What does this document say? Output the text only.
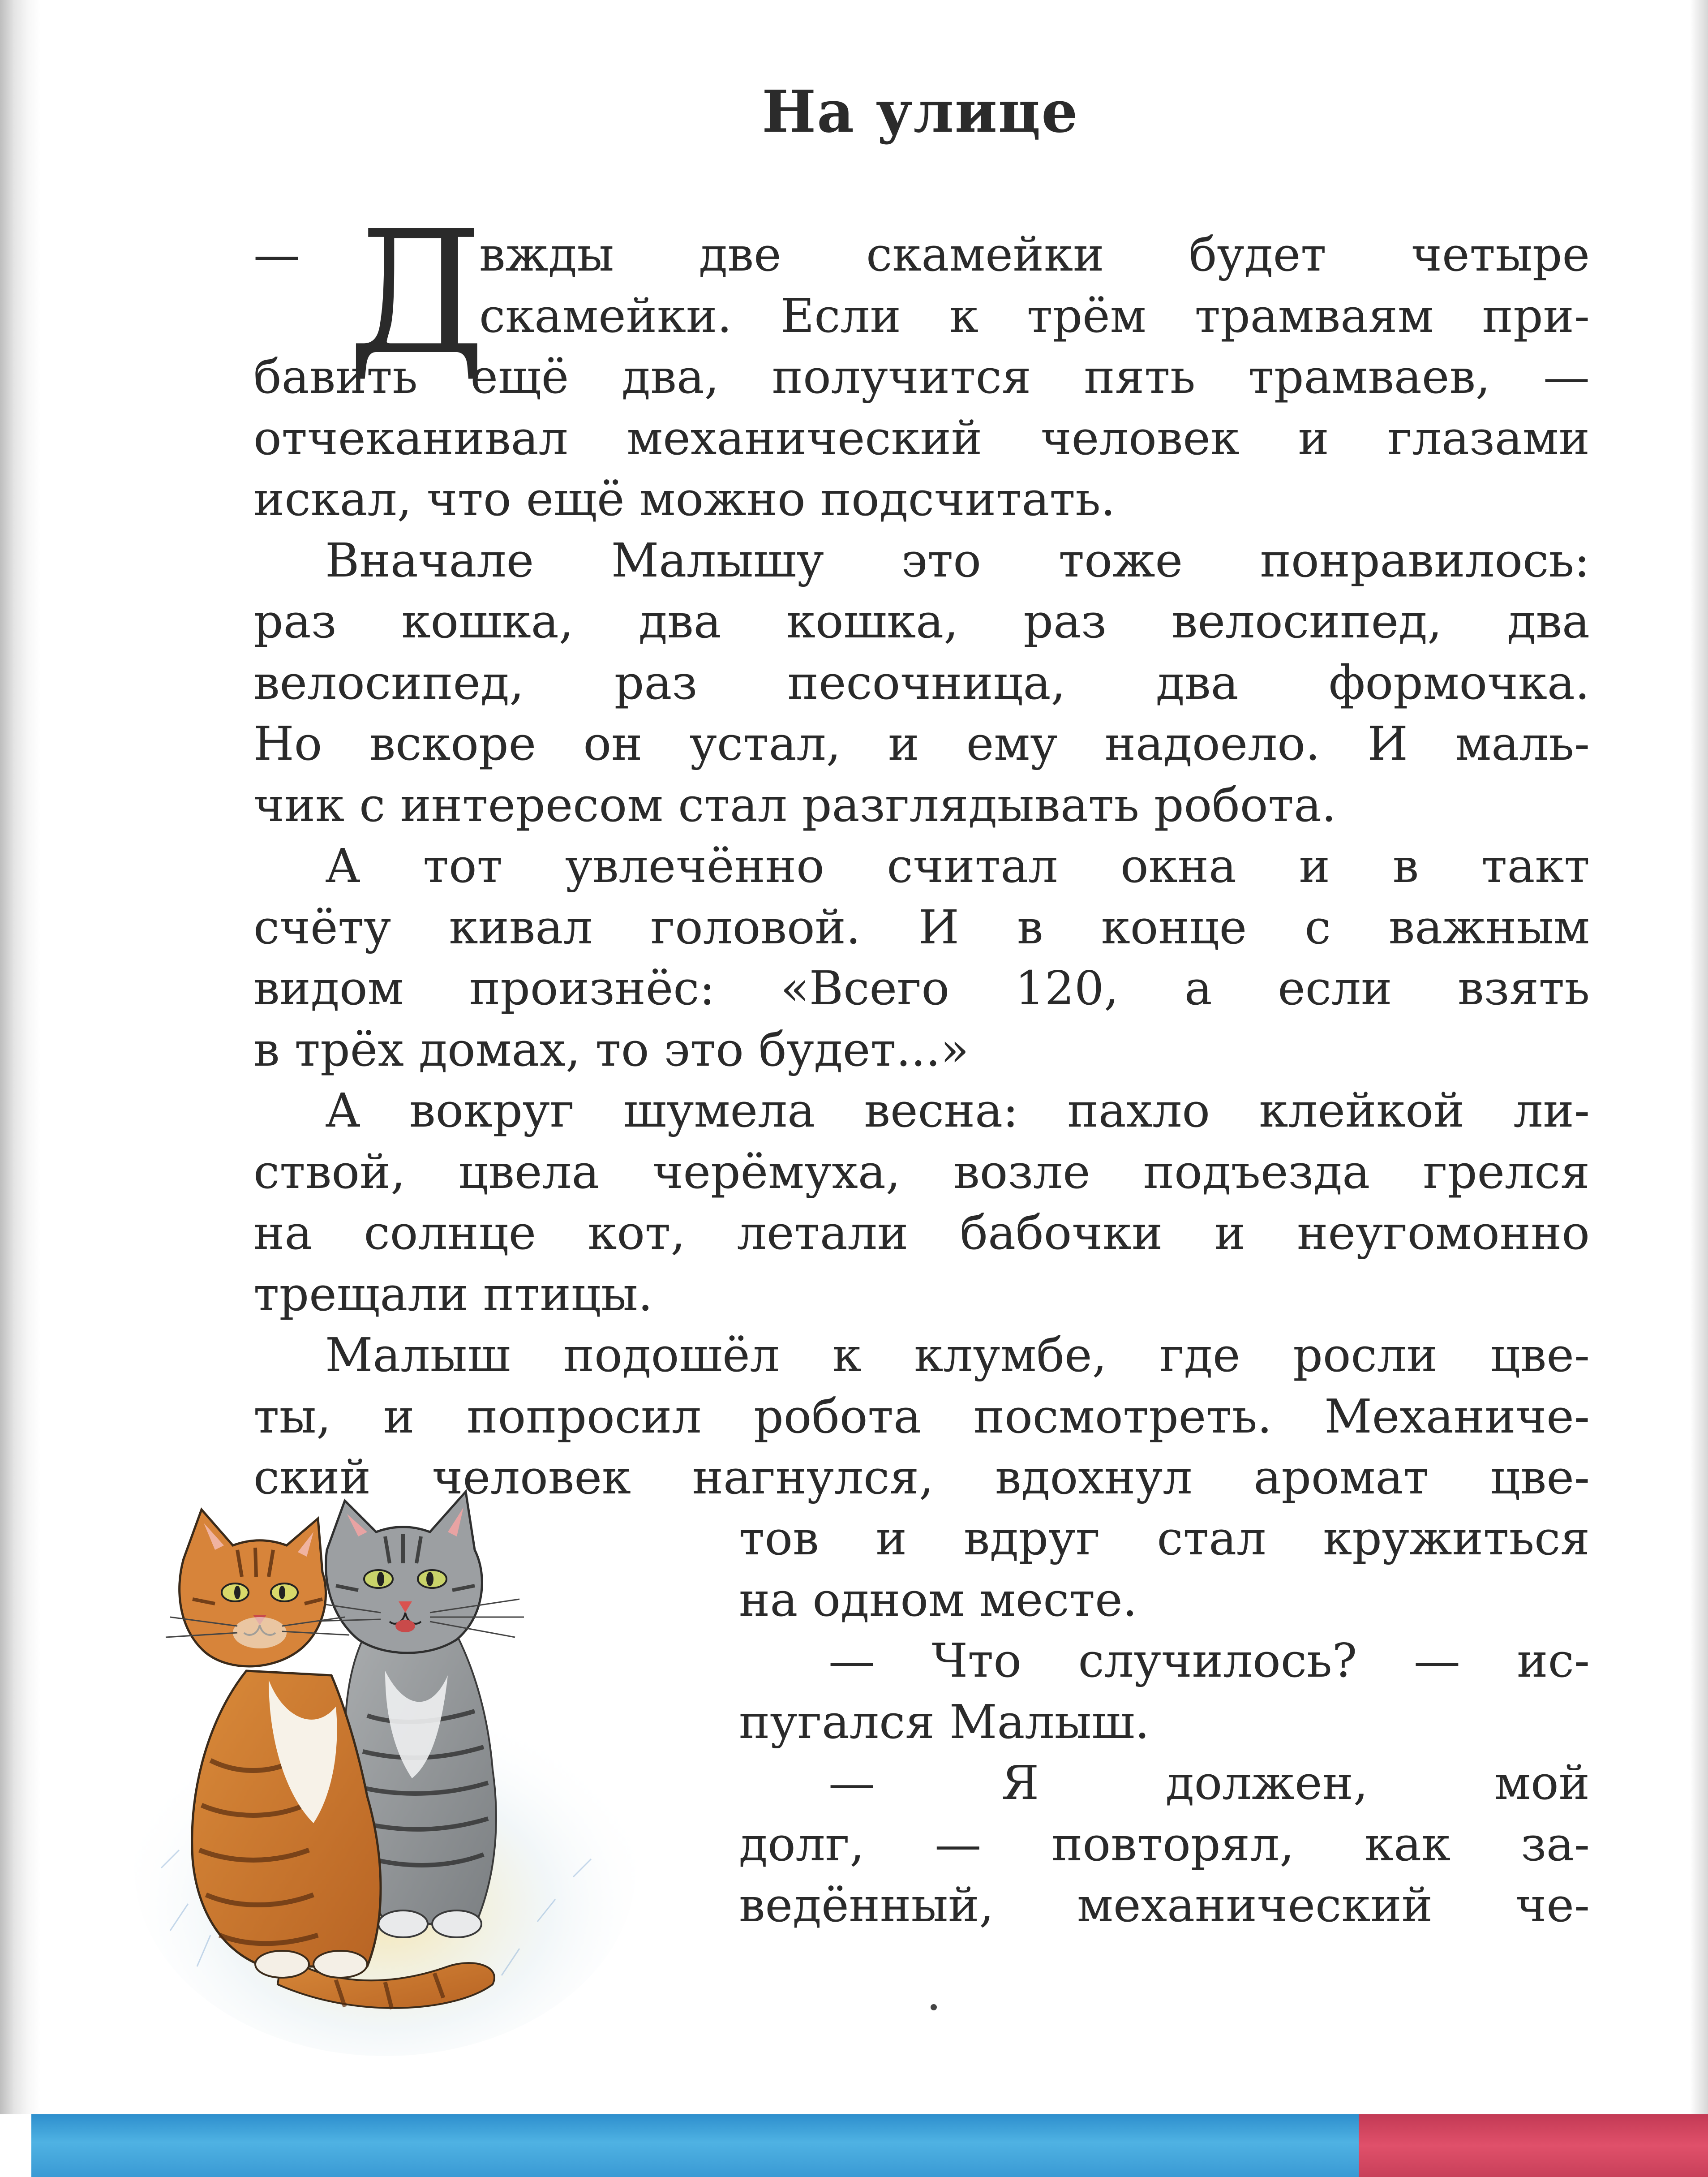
На улице
— Д
вжды две скамейки будет четыре
скамейки. Если к трём трамваям при-
бавить ещё два, получится пять трамваев, —
отчеканивал механический человек и глазами
искал, что ещё можно подсчитать.
Вначале Малышу это тоже понравилось:
раз кошка, два кошка, раз велосипед, два
велосипед, раз песочница, два формочка.
Но вскоре он устал, и ему надоело. И маль-
чик с интересом стал разглядывать робота.
А тот увлечённо считал окна и в такт
счёту кивал головой. И в конце с важным
видом произнёс: «Всего 120, а если взять
в трёх домах, то это будет...»
А вокруг шумела весна: пахло клейкой ли-
ствой, цвела черёмуха, возле подъезда грелся
на солнце кот, летали бабочки и неугомонно
трещали птицы.
Малыш подошёл к клумбе, где росли цве-
ты, и попросил робота посмотреть. Механиче-
ский человек нагнулся, вдохнул аромат цве-
тов и вдруг стал кружиться
на одном месте.
— Что случилось? — ис-
пугался Малыш.
— Я должен, мой
долг, — повторял, как за-
ведённый, механический че-
